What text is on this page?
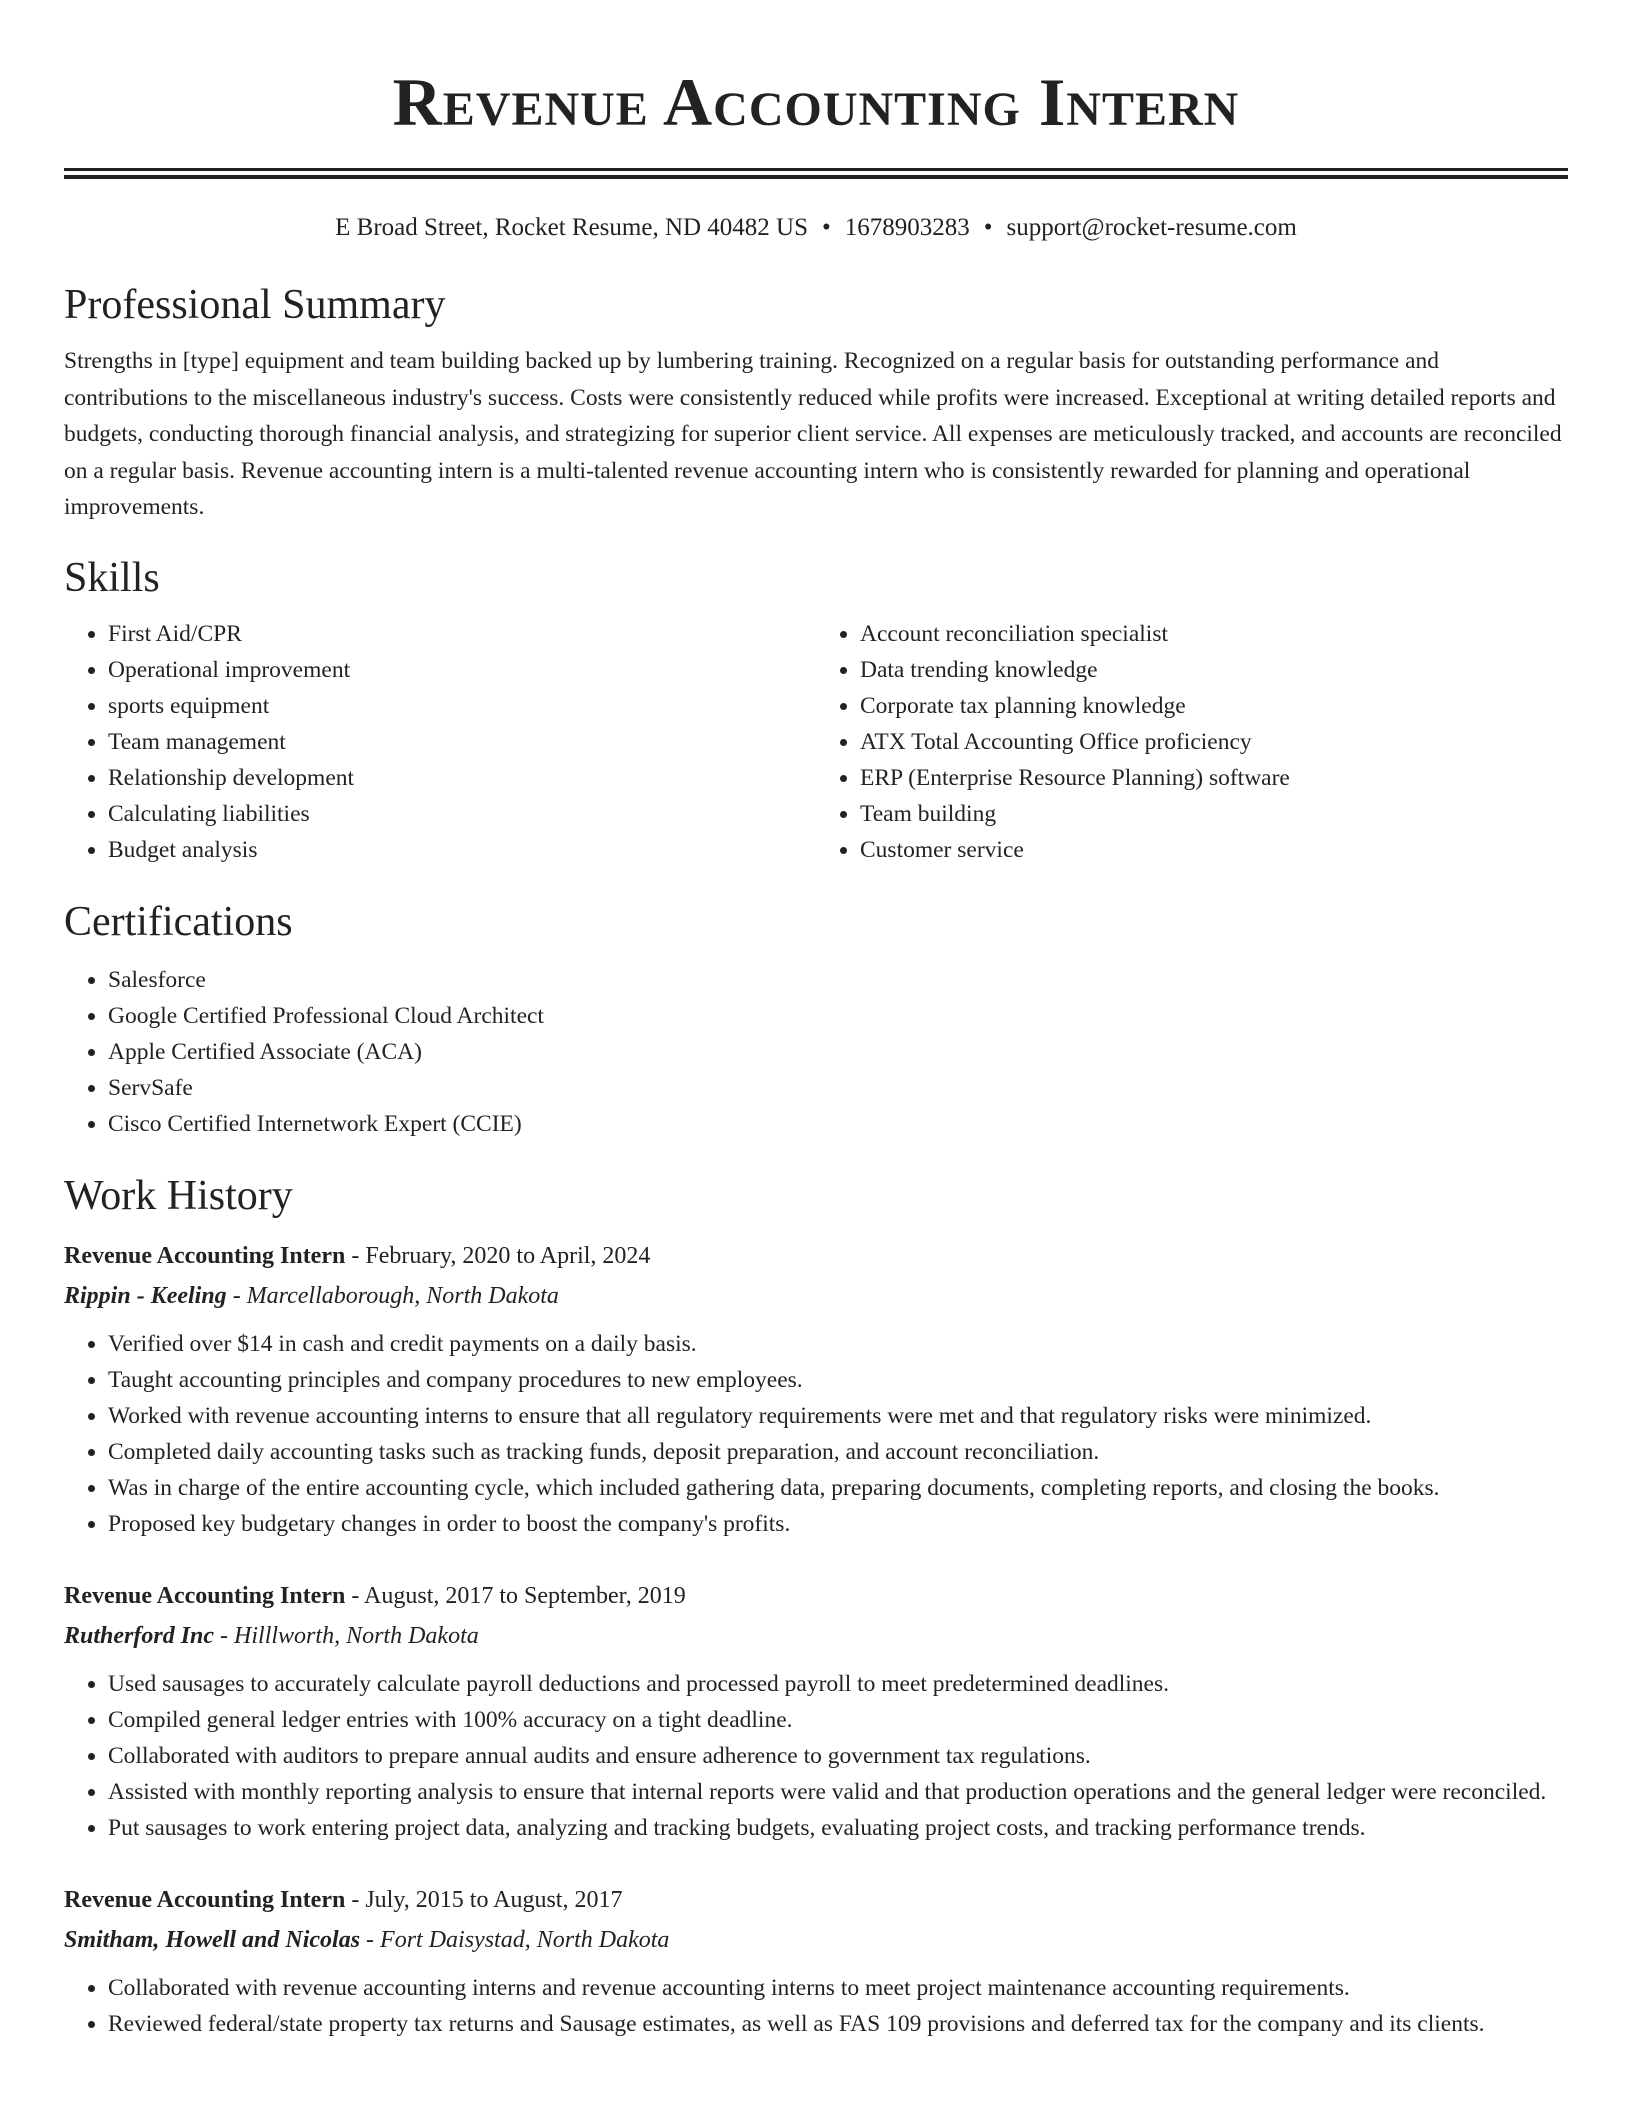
Revenue Accounting Intern
E Broad Street, Rocket Resume, ND 40482 US • 1678903283 • support@rocket-resume.com
Professional Summary

Strengths in [type] equipment and team building backed up by lumbering training. Recognized on a regular basis for outstanding performance and contributions to the miscellaneous industry's success. Costs were consistently reduced while profits were increased. Exceptional at writing detailed reports and budgets, conducting thorough financial analysis, and strategizing for superior client service. All expenses are meticulously tracked, and accounts are reconciled on a regular basis. Revenue accounting intern is a multi-talented revenue accounting intern who is consistently rewarded for planning and operational improvements.

Skills
• First Aid/CPR
• Operational improvement
• sports equipment
• Team management
• Relationship development
• Calculating liabilities
• Budget analysis
• Account reconciliation specialist
• Data trending knowledge
• Corporate tax planning knowledge
• ATX Total Accounting Office proficiency
• ERP (Enterprise Resource Planning) software
• Team building
• Customer service
Certifications
• Salesforce
• Google Certified Professional Cloud Architect
• Apple Certified Associate (ACA)
• ServSafe
• Cisco Certified Internetwork Expert (CCIE)
Work History
Revenue Accounting Intern - February, 2020 to April, 2024
Rippin - Keeling - Marcellaborough, North Dakota
• Verified over $14 in cash and credit payments on a daily basis.
• Taught accounting principles and company procedures to new employees.
• Worked with revenue accounting interns to ensure that all regulatory requirements were met and that regulatory risks were minimized.
• Completed daily accounting tasks such as tracking funds, deposit preparation, and account reconciliation.
• Was in charge of the entire accounting cycle, which included gathering data, preparing documents, completing reports, and closing the books.
• Proposed key budgetary changes in order to boost the company's profits.
Revenue Accounting Intern - August, 2017 to September, 2019
Rutherford Inc - Hilllworth, North Dakota
• Used sausages to accurately calculate payroll deductions and processed payroll to meet predetermined deadlines.
• Compiled general ledger entries with 100% accuracy on a tight deadline.
• Collaborated with auditors to prepare annual audits and ensure adherence to government tax regulations.
• Assisted with monthly reporting analysis to ensure that internal reports were valid and that production operations and the general ledger were reconciled.
• Put sausages to work entering project data, analyzing and tracking budgets, evaluating project costs, and tracking performance trends.
Revenue Accounting Intern - July, 2015 to August, 2017
Smitham, Howell and Nicolas - Fort Daisystad, North Dakota
• Collaborated with revenue accounting interns and revenue accounting interns to meet project maintenance accounting requirements.
• Reviewed federal/state property tax returns and Sausage estimates, as well as FAS 109 provisions and deferred tax for the company and its clients.
